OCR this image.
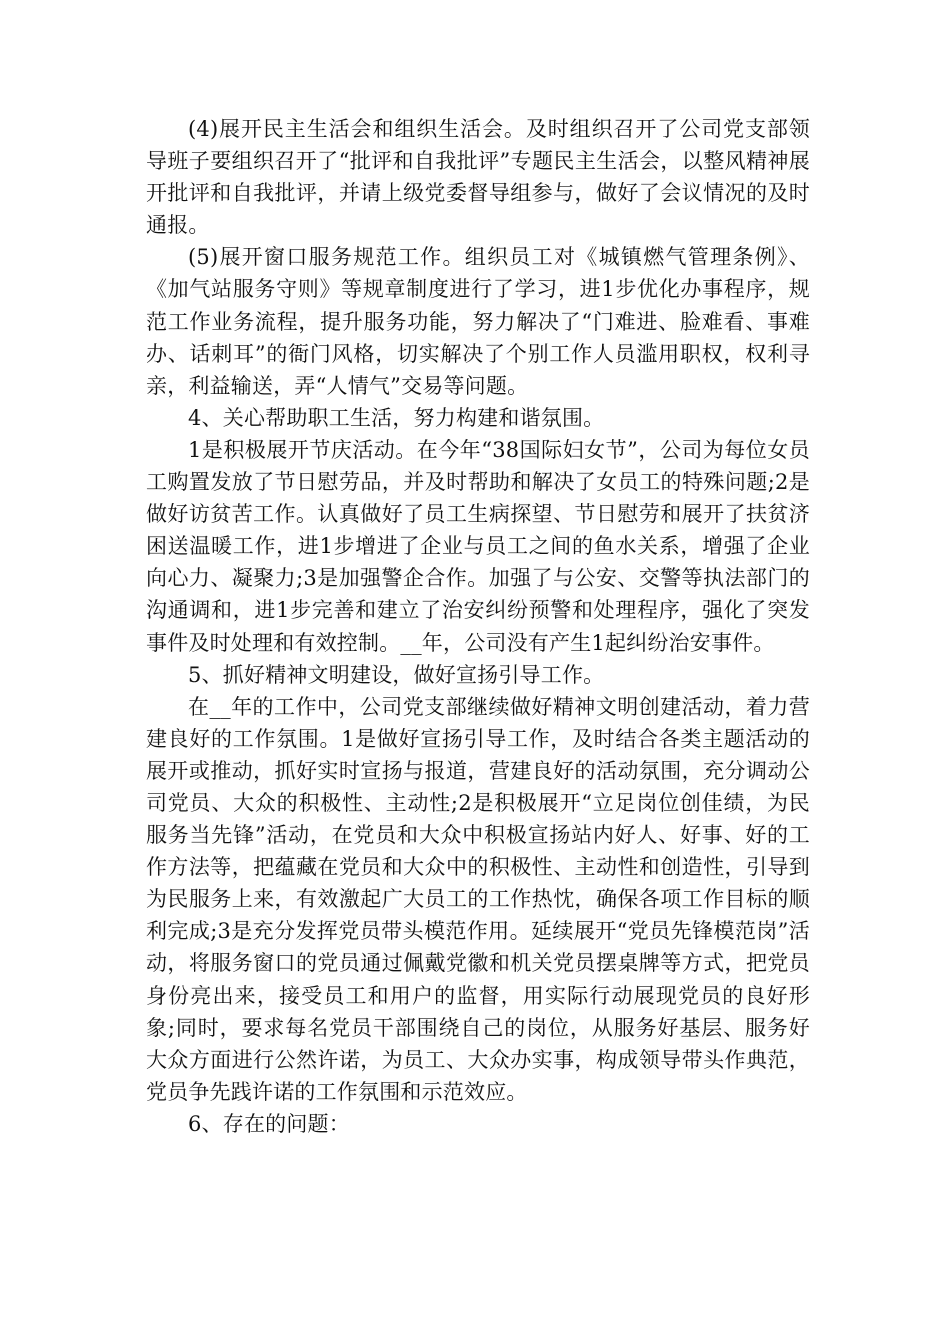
(4)展开民主生活会和组织生活会。及时组织召开了公司党支部领导班子要组织召开了“批评和自我批评”专题民主生活会，以整风精神展开批评和自我批评，并请上级党委督导组参与，做好了会议情况的及时通报。

(5)展开窗口服务规范工作。组织员工对《城镇燃气管理条例》、《加气站服务守则》等规章制度进行了学习，进1步优化办事程序，规范工作业务流程，提升服务功能，努力解决了“门难进、脸难看、事难办、话刺耳”的衙门风格，切实解决了个别工作人员滥用职权，权利寻亲，利益输送，弄“人情气”交易等问题。

4、关心帮助职工生活，努力构建和谐氛围。

1是积极展开节庆活动。在今年“38国际妇女节”，公司为每位女员工购置发放了节日慰劳品，并及时帮助和解决了女员工的特殊问题;2是做好访贫苦工作。认真做好了员工生病探望、节日慰劳和展开了扶贫济困送温暖工作，进1步增进了企业与员工之间的鱼水关系，增强了企业向心力、凝聚力;3是加强警企合作。加强了与公安、交警等执法部门的沟通调和，进1步完善和建立了治安纠纷预警和处理程序，强化了突发事件及时处理和有效控制。__年，公司没有产生1起纠纷治安事件。

5、抓好精神文明建设，做好宣扬引导工作。

在__年的工作中，公司党支部继续做好精神文明创建活动，着力营建良好的工作氛围。1是做好宣扬引导工作，及时结合各类主题活动的展开或推动，抓好实时宣扬与报道，营建良好的活动氛围，充分调动公司党员、大众的积极性、主动性;2是积极展开“立足岗位创佳绩，为民服务当先锋”活动，在党员和大众中积极宣扬站内好人、好事、好的工作方法等，把蕴藏在党员和大众中的积极性、主动性和创造性，引导到为民服务上来，有效激起广大员工的工作热忱，确保各项工作目标的顺利完成;3是充分发挥党员带头模范作用。延续展开“党员先锋模范岗”活动，将服务窗口的党员通过佩戴党徽和机关党员摆桌牌等方式，把党员身份亮出来，接受员工和用户的监督，用实际行动展现党员的良好形象;同时，要求每名党员干部围绕自己的岗位，从服务好基层、服务好大众方面进行公然许诺，为员工、大众办实事，构成领导带头作典范，党员争先践许诺的工作氛围和示范效应。

6、存在的问题：
